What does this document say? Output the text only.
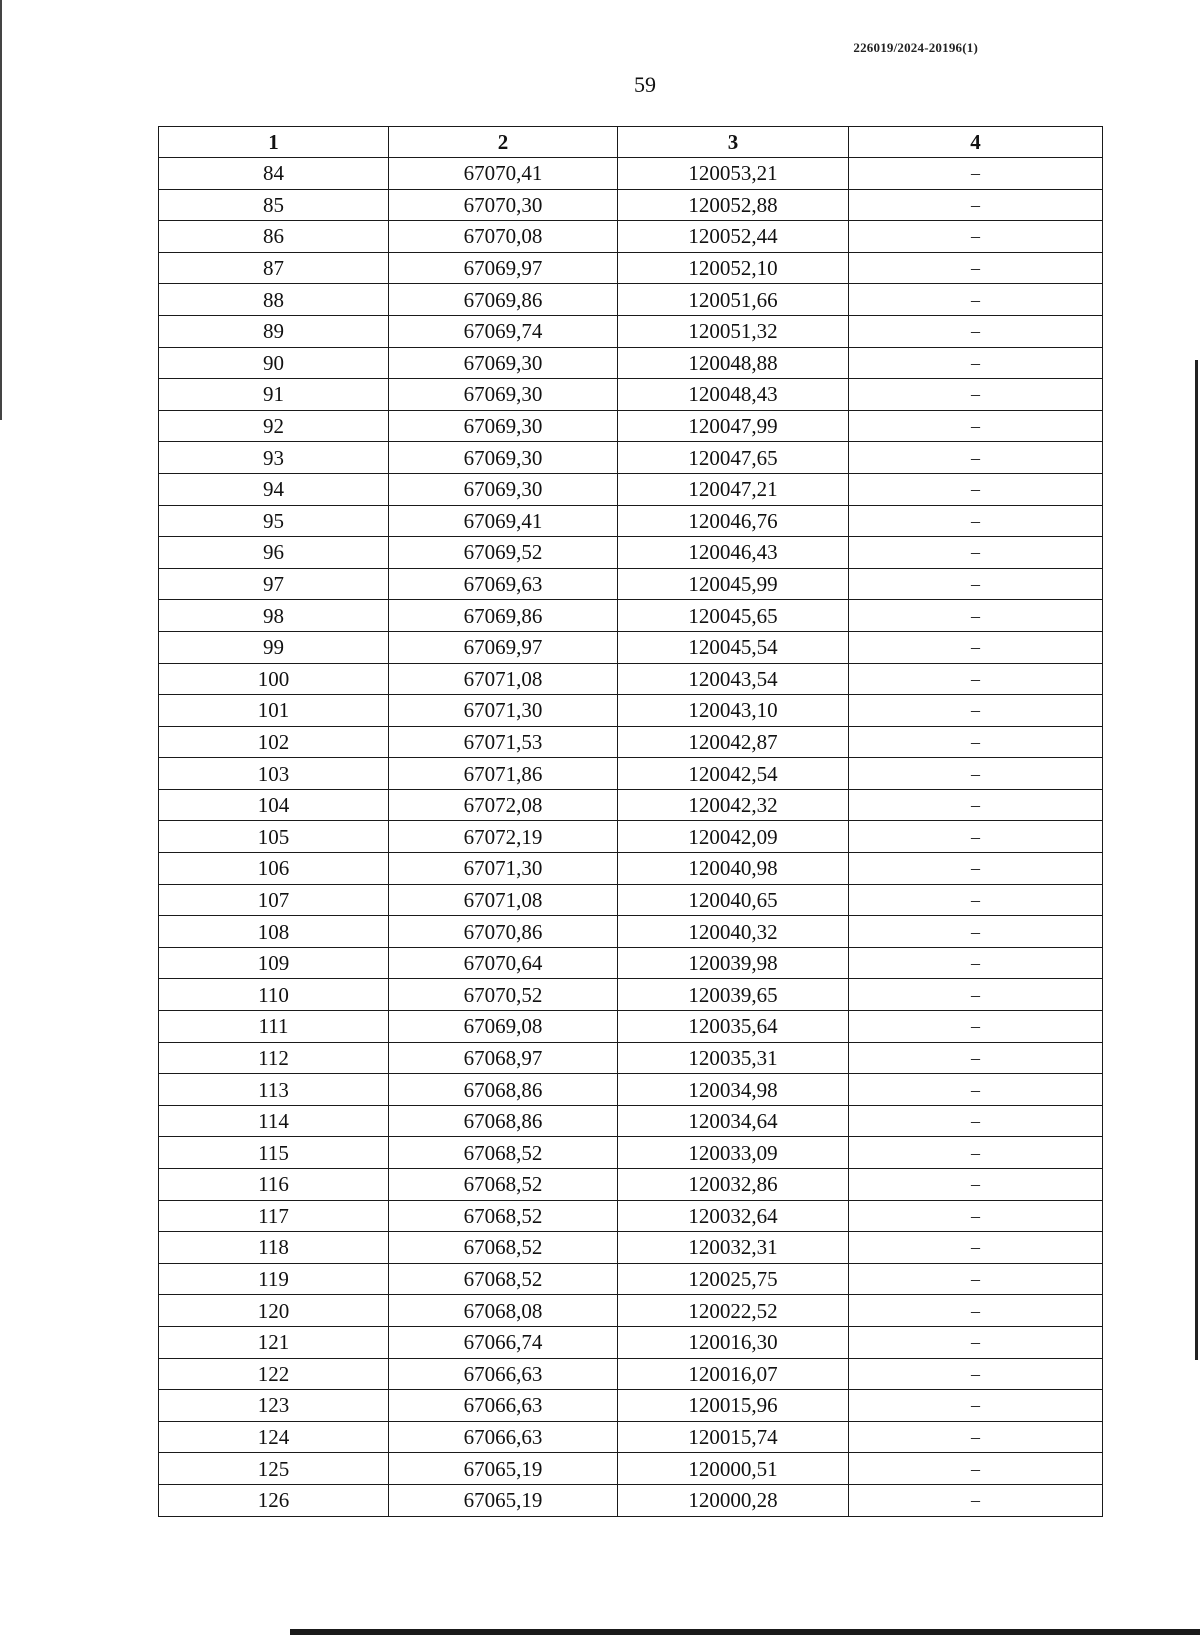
226019/2024-20196(1)
59
1	2	3	4
84	67070,41	120053,21	–
85	67070,30	120052,88	–
86	67070,08	120052,44	–
87	67069,97	120052,10	–
88	67069,86	120051,66	–
89	67069,74	120051,32	–
90	67069,30	120048,88	–
91	67069,30	120048,43	–
92	67069,30	120047,99	–
93	67069,30	120047,65	–
94	67069,30	120047,21	–
95	67069,41	120046,76	–
96	67069,52	120046,43	–
97	67069,63	120045,99	–
98	67069,86	120045,65	–
99	67069,97	120045,54	–
100	67071,08	120043,54	–
101	67071,30	120043,10	–
102	67071,53	120042,87	–
103	67071,86	120042,54	–
104	67072,08	120042,32	–
105	67072,19	120042,09	–
106	67071,30	120040,98	–
107	67071,08	120040,65	–
108	67070,86	120040,32	–
109	67070,64	120039,98	–
110	67070,52	120039,65	–
111	67069,08	120035,64	–
112	67068,97	120035,31	–
113	67068,86	120034,98	–
114	67068,86	120034,64	–
115	67068,52	120033,09	–
116	67068,52	120032,86	–
117	67068,52	120032,64	–
118	67068,52	120032,31	–
119	67068,52	120025,75	–
120	67068,08	120022,52	–
121	67066,74	120016,30	–
122	67066,63	120016,07	–
123	67066,63	120015,96	–
124	67066,63	120015,74	–
125	67065,19	120000,51	–
126	67065,19	120000,28	–
